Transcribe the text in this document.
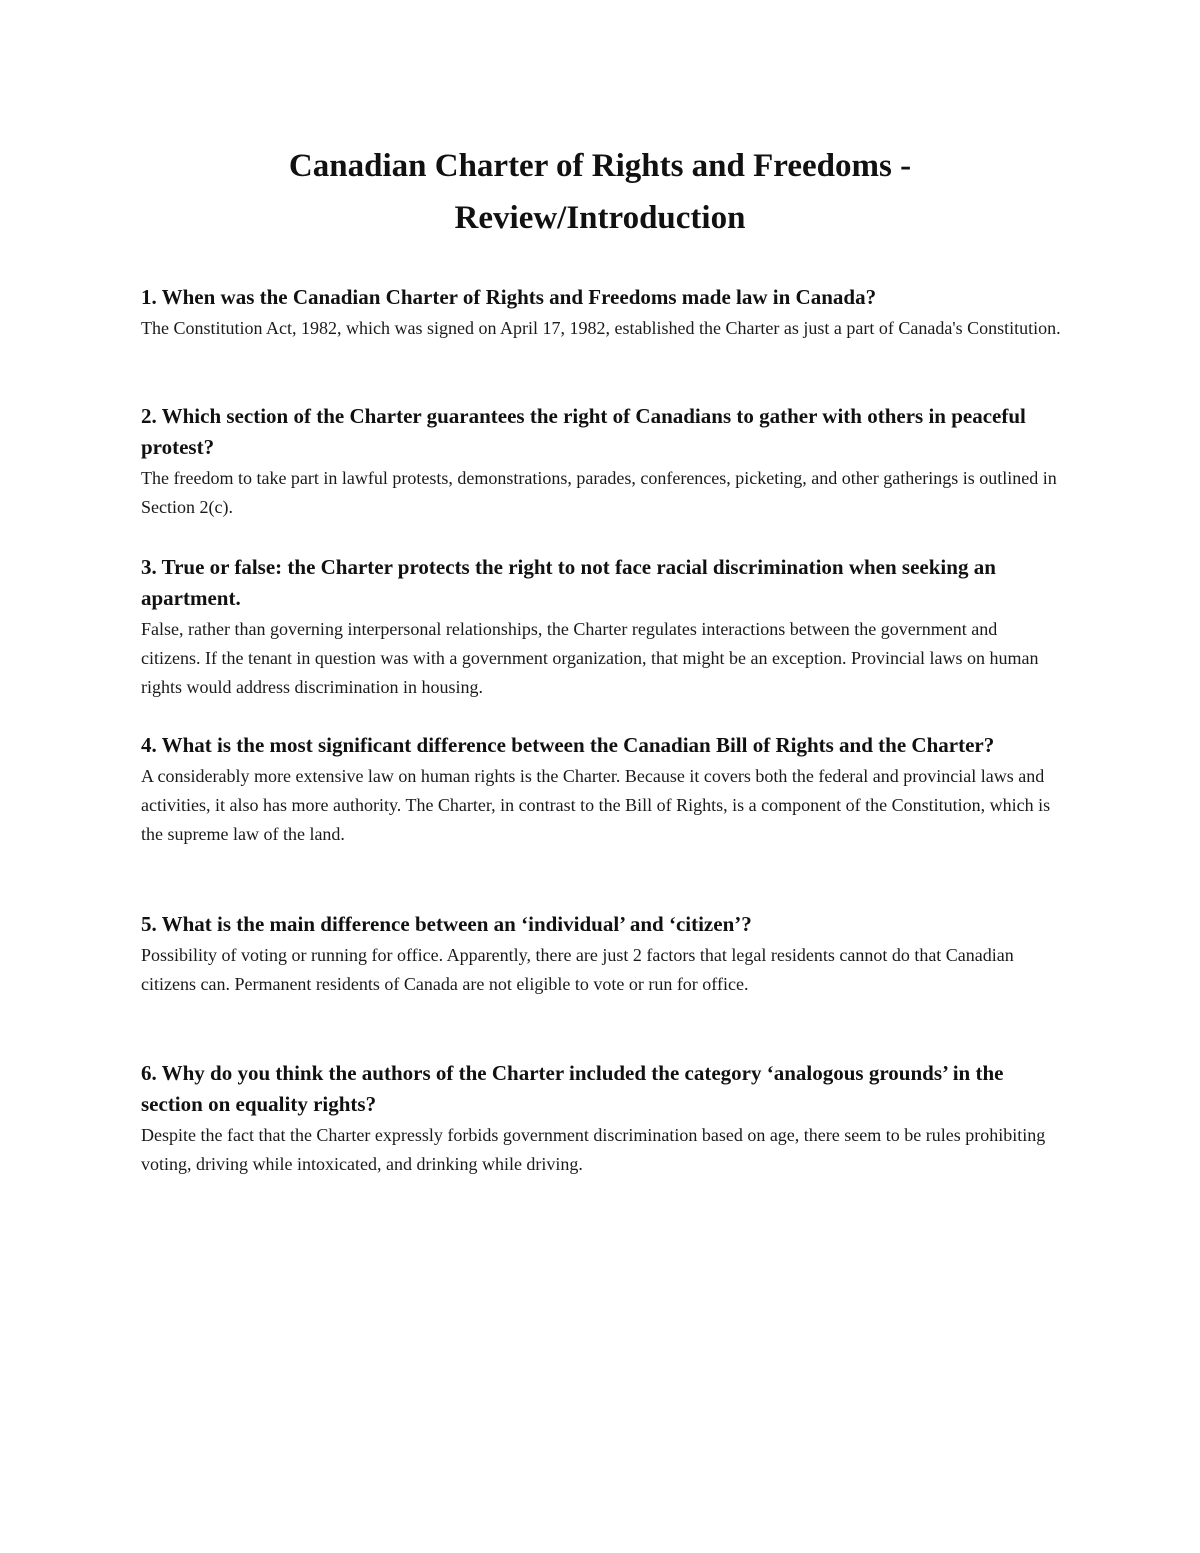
Canadian Charter of Rights and Freedoms -
Review/Introduction

1. When was the Canadian Charter of Rights and Freedoms made law in Canada?

The Constitution Act, 1982, which was signed on April 17, 1982, established the Charter as just a part of Canada's Constitution.

2. Which section of the Charter guarantees the right of Canadians to gather with others in peaceful protest?

The freedom to take part in lawful protests, demonstrations, parades, conferences, picketing, and other gatherings is outlined in Section 2(c).

3. True or false: the Charter protects the right to not face racial discrimination when seeking an apartment.

False, rather than governing interpersonal relationships, the Charter regulates interactions between the government and citizens. If the tenant in question was with a government organization, that might be an exception. Provincial laws on human rights would address discrimination in housing.

4. What is the most significant difference between the Canadian Bill of Rights and the Charter?

A considerably more extensive law on human rights is the Charter. Because it covers both the federal and provincial laws and activities, it also has more authority. The Charter, in contrast to the Bill of Rights, is a component of the Constitution, which is the supreme law of the land.

5. What is the main difference between an ‘individual’ and ‘citizen’?

Possibility of voting or running for office. Apparently, there are just 2 factors that legal residents cannot do that Canadian citizens can. Permanent residents of Canada are not eligible to vote or run for office.

6. Why do you think the authors of the Charter included the category ‘analogous grounds’ in the section on equality rights?

Despite the fact that the Charter expressly forbids government discrimination based on age, there seem to be rules prohibiting voting, driving while intoxicated, and drinking while driving.
